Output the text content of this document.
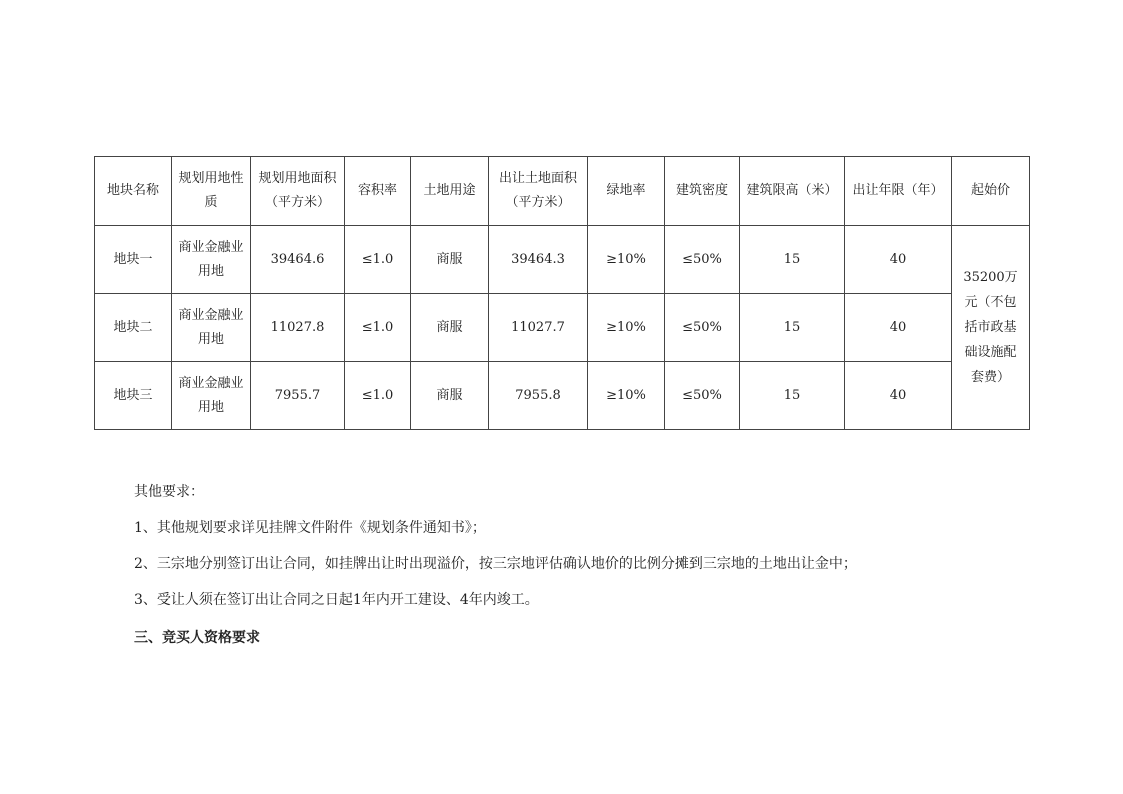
地块名称	规划用地性质	规划用地面积（平方米）	容积率	土地用途	出让土地面积（平方米）	绿地率	建筑密度	建筑限高（米）	出让年限（年）	起始价
地块一	商业金融业用地	39464.6	≤1.0	商服	39464.3	≥10%	≤50%	15	40	35200万元（不包括市政基础设施配套费）
地块二	商业金融业用地	11027.8	≤1.0	商服	11027.7	≥10%	≤50%	15	40	
地块三	商业金融业用地	7955.7	≤1.0	商服	7955.8	≥10%	≤50%	15	40	

其他要求：

1、其他规划要求详见挂牌文件附件《规划条件通知书》；

2、三宗地分别签订出让合同，如挂牌出让时出现溢价，按三宗地评估确认地价的比例分摊到三宗地的土地出让金中；

3、受让人须在签订出让合同之日起1年内开工建设、4年内竣工。

三、竞买人资格要求
